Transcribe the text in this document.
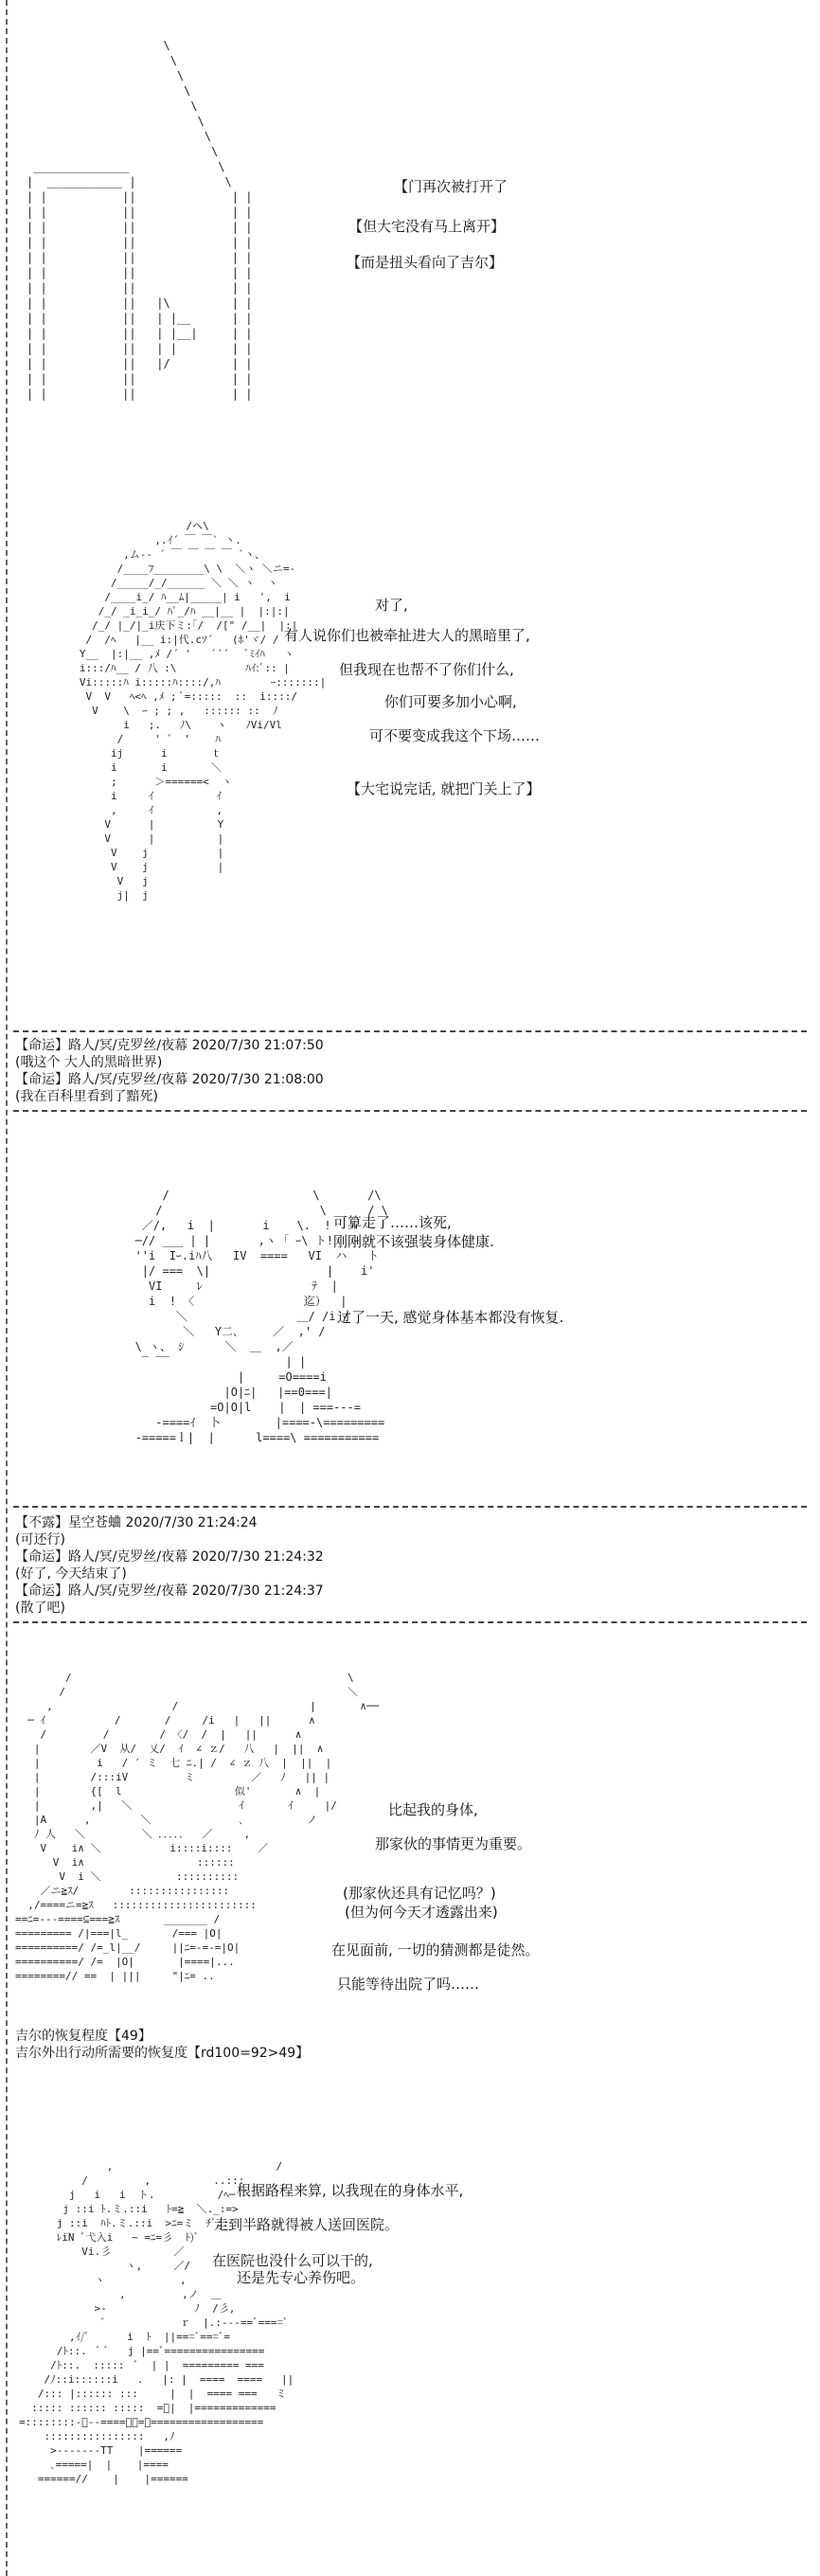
\
\
\
\
\
\
\
\
______________             \
|  ___________ |             \
| |           ||              | |
| |           ||              | |
| |           ||              | |
| |           ||              | |
| |           ||              | |
| |           ||              | |
| |           ||              | |
| |           ||   |\         | |
| |           ||   | |__      | |
| |           ||   | |__|     | |
| |           ||   | |        | |
| |           ||   |/         | |
| |           ||              | |
| |           ||              | |

【门再次被打开了
【但大宅没有马上离开】
【而是扭头看向了吉尔】
/ヘ\
,.ｲ´ ￣ ￣` 丶.
,ム-‐ ´ ￣ ￣ ￣ ￣ `ヽ、
/____ﾌ________\ \  ＼ヽ ＼ニ=-
/_____/_/______ ＼ ＼ ヽ  ヽ
/____i_/ ﾊ__ﾑ|_____| i   ',  i
/_/ _i_i_/ ﾊﾟ_/ﾊ __|__ |  |:|:|
/_/ |_/|_i庆下ミ:｢/  /[" /__|  |:|
/  /ﾍ   |__ i:|代.cｿ´   (ﾎ'ヾ/ /
Y__  |:|__ ,ﾒ /´ '   ´´´   ﾞﾐｲﾊ   ヽ
i:::/ﾊ__ / 八 :\           ﾊｲ:ﾞ:: |
Vi:::::ﾊ i:::::ﾊ::::/,ﾊ        ｰ:::::::|
V  V   ﾍ<ﾍ ,ﾒ ; ﾞ=:::::  ::  i::::/
V    \  ｰ ; ; ,   :::::: ::  ﾉ
i   ;.   ﾉ\    ヽ   ﾉVi/Vl
/     ' ゛ '    ﾊ
ij      i       ｔ
i       i       ＼
;      ＞======<  ヽ
i     ｲ          ｲ
,     ｲ          ,
V      |          Y
V      |          |
V    j           |
V    j           |
V   j
j|  j

对了,
有人说你们也被牵扯进大人的黑暗里了,
但我现在也帮不了你们什么,
你们可要多加小心啊,
可不要变成我这个下场……
【大宅说完话, 就把门关上了】
【命运】路人/冥/克罗丝/夜幕 2020/7/30 21:07:50
(哦这个 大人的黑暗世界)
【命运】路人/冥/克罗丝/夜幕 2020/7/30 21:08:00
(我在百科里看到了黯死)
/                     \       /\
/                       \      / \
／/,   i  |       i    \.  !   ﾙ
─// ___ | |       ,ヽ ｢ ｰ\ ト!   ｰ
''i  Iｰ.iﾊ八   IV  ====   VI  ハ   ト
|/ ===  \|                 |    i'
VI     ﾚ                ﾃ  |
i  ! 〈                迄）  |
＼                ＿/ /i /
＼   Y二､     ／  ,' /
\ ヽ、 ｼ      ＼  ＿  ,／
‾ ‾‾                 | |
|     =O====i
|O|ﾆ|   |==0===|
=O|O|l    |  | ===‐--=
-====ｲ  卜        |====-\=========
-=====ｌ|  |      l====\ ===========

可算走了……该死,
刚刚就不该强装身体健康.
过了一天, 感觉身体基本都没有恢复.
【不露】星空苍蛐 2020/7/30 21:24:24
(可还行)
【命运】路人/冥/克罗丝/夜幕 2020/7/30 21:24:32
(好了, 今天结束了)
【命运】路人/冥/克罗丝/夜幕 2020/7/30 21:24:37
(散了吧)
/                                            \
/                                             ＼
,                   /                     |       ∧──
─ ｲ           /       /     /i   |   ||      ∧
/         /        / 〈/  /  |   ||      ∧
|        ／V  从/  乂/  ｲ  ∠ ｚ/   八   |  ||  ∧
|         i   / ′ ミ  七 ﾆ.| /  ∠ ｚ 八  |  ||  |
|        /:::iV         ミ         ／   ﾉ   || |
|        {[  l                  似'       ∧  |
|        ,|   ＼                 ｲ       ｲ     |/
|A      ,        ＼              ､          ノ
ﾉ 人   ＼         ＼ ．．．．．  ／     ,
V    i∧ ＼           i::::i::::    ／
V  i∧                  ::::::
V  i ＼            ::::::::::
／ニ≧ｽ/        ::::::::::::::::
,/====ニ=≧ｽ   :::::::::::::::::::::::
==ﾆ=---====⊆===≧ｽ       _______ /
========= /|===|l_       /=== |O|
==========/ /=_l|__/     ||ﾆ=-=-=|O|
==========/ /=  |O|       |====|...
========// ==  | |||     "|ﾆ= ..

比起我的身体,
那家伙的事情更为重要。
(那家伙还具有记忆吗？)
(但为何今天才透露出来)
在见面前, 一切的猜测都是徒然。
只能等待出院了吗……
吉尔的恢复程度【49】
吉尔外出行动所需要的恢复度【rd100=92>49】
,                          /
/         ,          ..:::
j   i   i  ト.          /ﾍ─ ´
j ::i ﾄ.ミ.::i   ﾄ=≧  ＼._:=>
j ::i  ﾊﾄ.ミ.::i  >ﾆ=ミ  ﾁﾞ::
ﾚiN ﾞ弋入i   ~ =ﾆ=彡  ﾄ)ﾞ
Vi.彡          ／
ヽ,     ／/
ヽ            ,
,         ,ノ  ＿
>-              ﾉ  /彡,
゛           ｒ  |.:-‐‐==ﾞ====ﾞ
,ｲ/ﾞ      i  ﾄ  ||===ﾞ===ﾞ=
/ﾄ::.  ﾞ ﾞ   j |==ﾞ================
/ﾄ::.  :::::  ﾞ  | |  ========= ===
/ﾉ::i::::::i   .   |: |  ====  ====   ||
/::: |:::::: :::     |  |  ==== ===   ミ
::::: :::::: :::::  =ﾞ|  |=============
=::::::::-ﾞ--====ﾞﾞ=ﾞ==================
::::::::::::::::   ,ﾉ
>‐‐‐‐‐‐‐TT    |======
､=====|  |    |====
======//    |    |======

根据路程来算, 以我现在的身体水平,
走到半路就得被人送回医院。
在医院也没什么可以干的,
还是先专心养伤吧。
